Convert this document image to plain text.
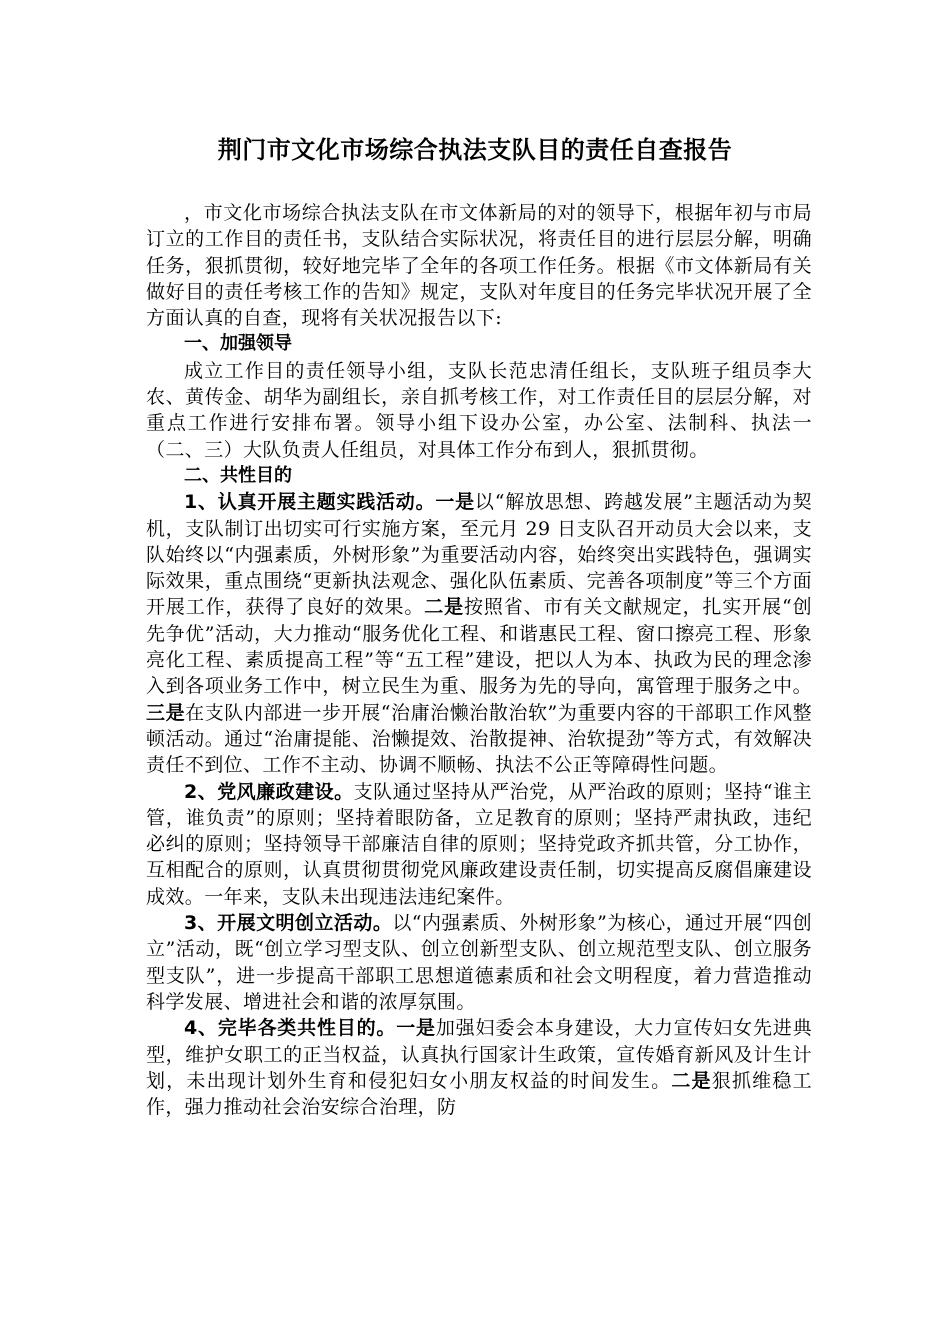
荆门市文化市场综合执法支队目的责任自查报告

，市文化市场综合执法支队在市文体新局的对的领导下，根据年初与市局订立的工作目的责任书，支队结合实际状况，将责任目的进行层层分解，明确任务，狠抓贯彻，较好地完毕了全年的各项工作任务。根据《市文体新局有关做好目的责任考核工作的告知》规定，支队对年度目的任务完毕状况开展了全方面认真的自查，现将有关状况报告以下:

一、加强领导

成立工作目的责任领导小组，支队长范忠清任组长，支队班子组员李大农、黄传金、胡华为副组长，亲自抓考核工作，对工作责任目的层层分解，对重点工作进行安排布署。领导小组下设办公室，办公室、法制科、执法一（二、三）大队负责人任组员，对具体工作分布到人，狠抓贯彻。

二、共性目的

1、认真开展主题实践活动。一是以“解放思想、跨越发展”主题活动为契机，支队制订出切实可行实施方案，至元月 29 日支队召开动员大会以来，支队始终以“内强素质，外树形象”为重要活动内容，始终突出实践特色，强调实际效果，重点围绕“更新执法观念、强化队伍素质、完善各项制度”等三个方面开展工作，获得了良好的效果。二是按照省、市有关文献规定，扎实开展“创先争优”活动，大力推动“服务优化工程、和谐惠民工程、窗口擦亮工程、形象亮化工程、素质提高工程”等“五工程”建设，把以人为本、执政为民的理念渗入到各项业务工作中，树立民生为重、服务为先的导向，寓管理于服务之中。三是在支队内部进一步开展“治庸治懒治散治软”为重要内容的干部职工作风整顿活动。通过“治庸提能、治懒提效、治散提神、治软提劲”等方式，有效解决责任不到位、工作不主动、协调不顺畅、执法不公正等障碍性问题。

2、党风廉政建设。支队通过坚持从严治党，从严治政的原则；坚持“谁主管，谁负责”的原则；坚持着眼防备，立足教育的原则；坚持严肃执政，违纪必纠的原则；坚持领导干部廉洁自律的原则；坚持党政齐抓共管，分工协作，互相配合的原则，认真贯彻贯彻党风廉政建设责任制，切实提高反腐倡廉建设成效。一年来，支队未出现违法违纪案件。

3、开展文明创立活动。以“内强素质、外树形象”为核心，通过开展“四创立”活动，既“创立学习型支队、创立创新型支队、创立规范型支队、创立服务型支队”，进一步提高干部职工思想道德素质和社会文明程度，着力营造推动科学发展、增进社会和谐的浓厚氛围。

4、完毕各类共性目的。一是加强妇委会本身建设，大力宣传妇女先进典型，维护女职工的正当权益，认真执行国家计生政策，宣传婚育新风及计生计划，未出现计划外生育和侵犯妇女小朋友权益的时间发生。二是狠抓维稳工作，强力推动社会治安综合治理，防
